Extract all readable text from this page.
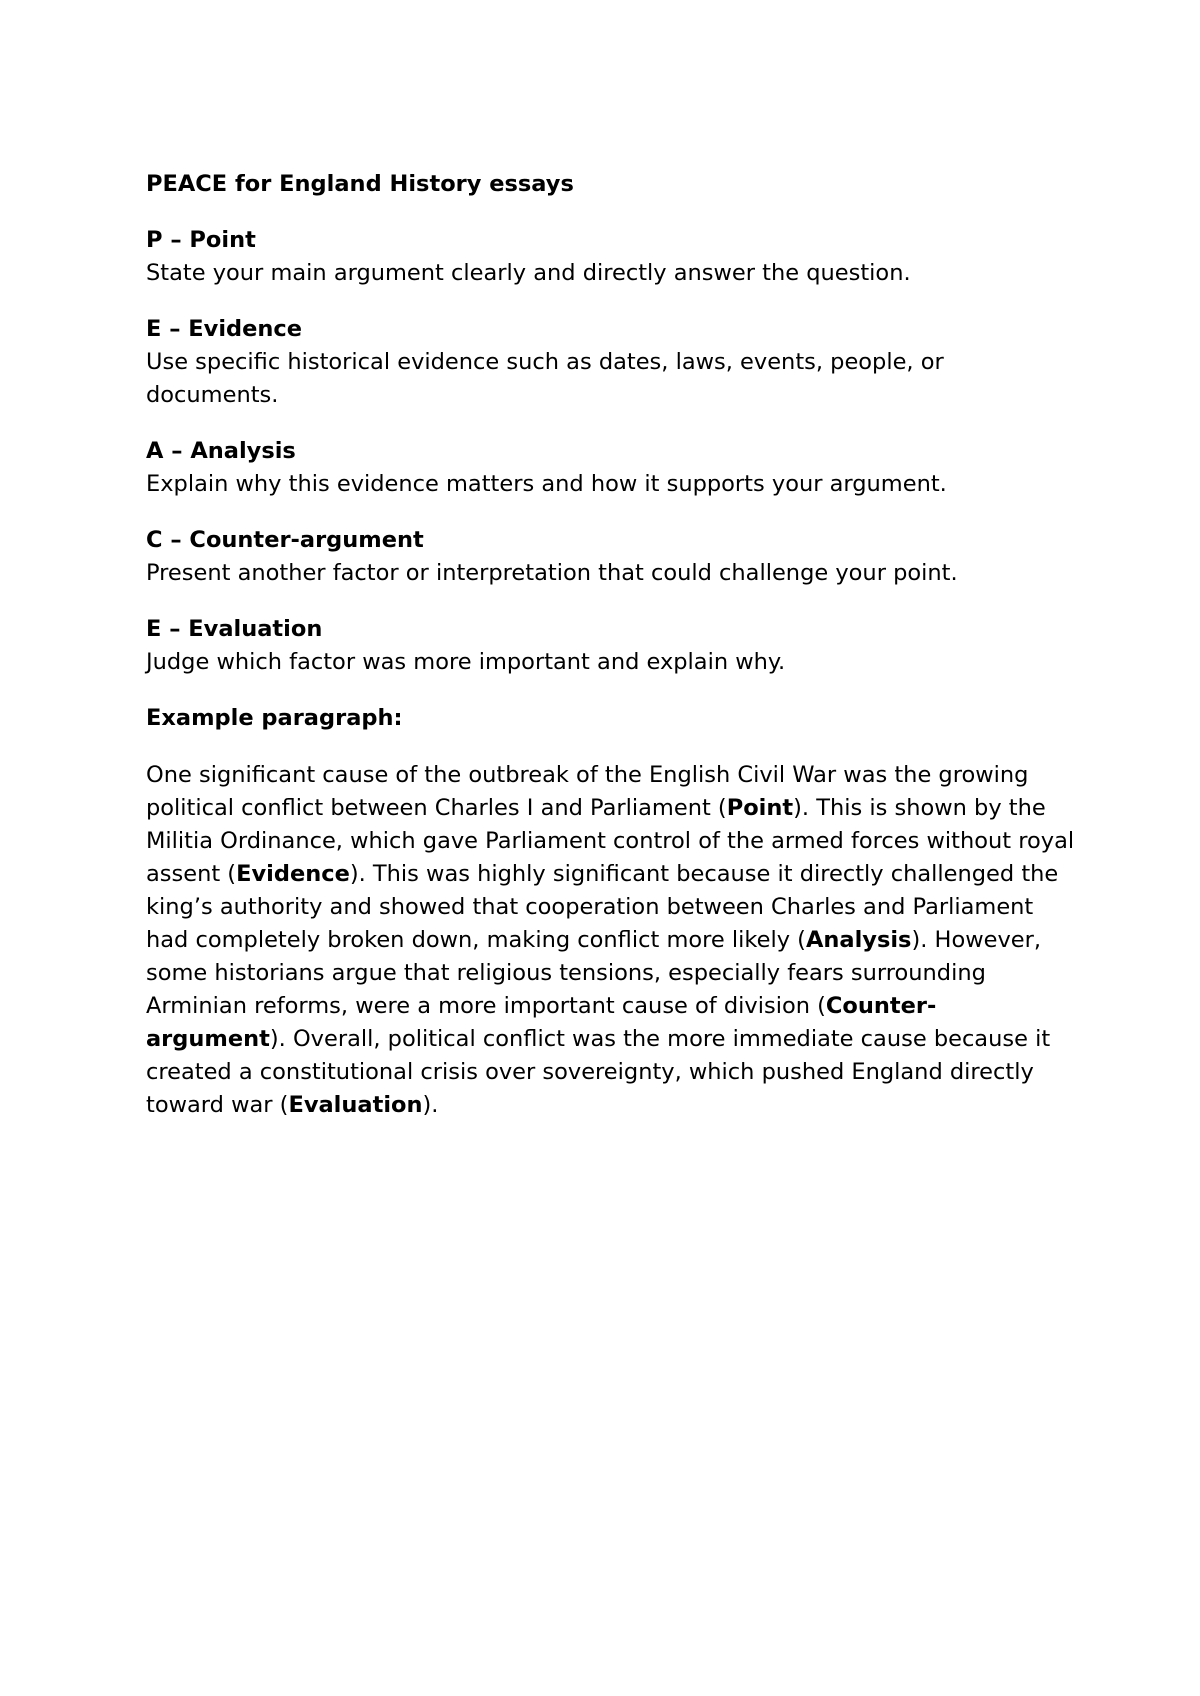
PEACE for England History essays
P – Point
State your main argument clearly and directly answer the question.
E – Evidence
Use specific historical evidence such as dates, laws, events, people, or documents.
A – Analysis
Explain why this evidence matters and how it supports your argument.
C – Counter-argument
Present another factor or interpretation that could challenge your point.
E – Evaluation
Judge which factor was more important and explain why.
Example paragraph:

One significant cause of the outbreak of the English Civil War was the growing political conflict between Charles I and Parliament (Point). This is shown by the Militia Ordinance, which gave Parliament control of the armed forces without royal assent (Evidence). This was highly significant because it directly challenged the king’s authority and showed that cooperation between Charles and Parliament had completely broken down, making conflict more likely (Analysis). However, some historians argue that religious tensions, especially fears surrounding Arminian reforms, were a more important cause of division (Counter-argument). Overall, political conflict was the more immediate cause because it created a constitutional crisis over sovereignty, which pushed England directly toward war (Evaluation).
